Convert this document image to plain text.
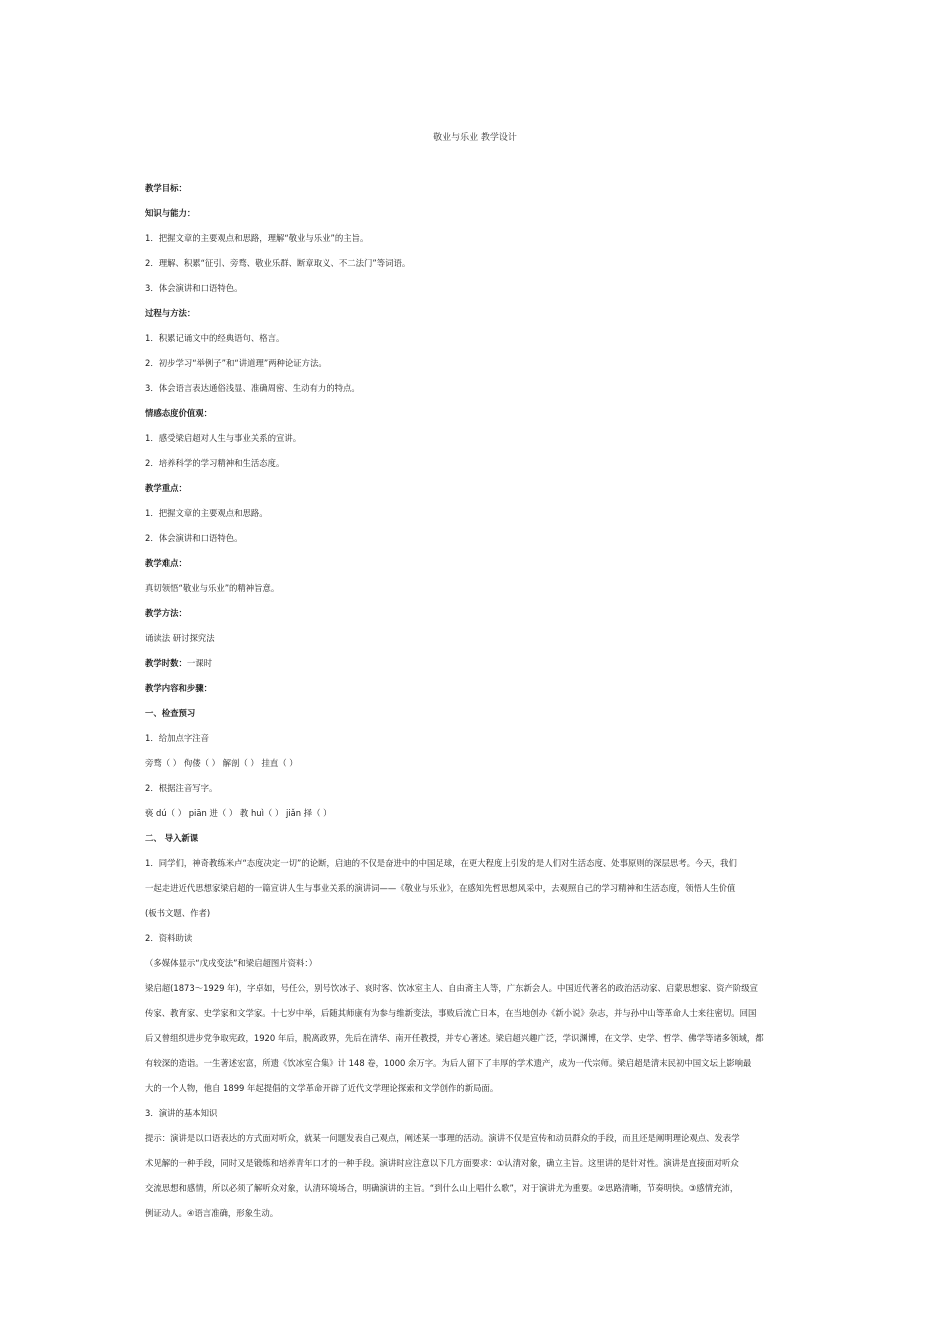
敬业与乐业 教学设计
教学目标：
知识与能力：
1．把握文章的主要观点和思路，理解“敬业与乐业”的主旨。
2．理解、积累“征引、旁骛、敬业乐群、断章取义、不二法门”等词语。
3．体会演讲和口语特色。
过程与方法：
1．积累记诵文中的经典语句、格言。
2．初步学习“举例子”和“讲道理”两种论证方法。
3．体会语言表达通俗浅显、准确周密、生动有力的特点。
情感态度价值观：
1．感受梁启超对人生与事业关系的宣讲。
2．培养科学的学习精神和生活态度。
教学重点：
1．把握文章的主要观点和思路。
2．体会演讲和口语特色。
教学难点：
真切领悟“敬业与乐业”的精神旨意。
教学方法：
诵读法 研讨探究法
教学时数：一课时
教学内容和步骤：
一、检查预习
1．给加点字注音
旁骛（ ） 佝偻（ ） 解剖（ ） 挂直（ ）
2．根据注音写字。
亵 dú（ ） piān 进（ ） 教 huì（ ） jiǎn 择（ ）
二、 导入新课
1．同学们，神奇教练米卢“态度决定一切”的论断，启迪的不仅是奋进中的中国足球，在更大程度上引发的是人们对生活态度、处事原则的深层思考。今天，我们
一起走进近代思想家梁启超的一篇宣讲人生与事业关系的演讲词——《敬业与乐业》，在感知先哲思想风采中，去观照自己的学习精神和生活态度，领悟人生价值
(板书文题、作者)
2．资料助读
（多媒体显示“戊戌变法”和梁启超图片资料：）
梁启超(1873～1929 年)，字卓如，号任公，别号饮冰子、哀时客、饮冰室主人、自由斋主人等，广东新会人。中国近代著名的政治活动家、启蒙思想家、资产阶级宣
传家、教育家、史学家和文学家。十七岁中举，后随其师康有为参与维新变法，事败后流亡日本，在当地创办《新小说》杂志，并与孙中山等革命人士来往密切。回国
后又曾组织进步党争取宪政，1920 年后，脱离政界，先后在清华、南开任教授，并专心著述。梁启超兴趣广泛，学识渊博，在文学、史学、哲学、佛学等诸多领域，都
有较深的造诣。一生著述宏富，所遗《饮冰室合集》计 148 卷，1000 余万字。为后人留下了丰厚的学术遗产，成为一代宗师。梁启超是清末民初中国文坛上影响最
大的一个人物，他自 1899 年起提倡的文学革命开辟了近代文学理论探索和文学创作的新局面。
3．演讲的基本知识
提示：演讲是以口语表达的方式面对听众，就某一问题发表自己观点，阐述某一事理的活动。演讲不仅是宣传和动员群众的手段，而且还是阐明理论观点、发表学
术见解的一种手段，同时又是锻炼和培养青年口才的一种手段。演讲时应注意以下几方面要求：①认清对象，确立主旨。这里讲的是针对性。演讲是直接面对听众
交流思想和感情，所以必须了解听众对象，认清环境场合，明确演讲的主旨。“到什么山上唱什么歌”，对于演讲尤为重要。②思路清晰，节奏明快。③感情充沛，
例证动人。④语言准确，形象生动。
